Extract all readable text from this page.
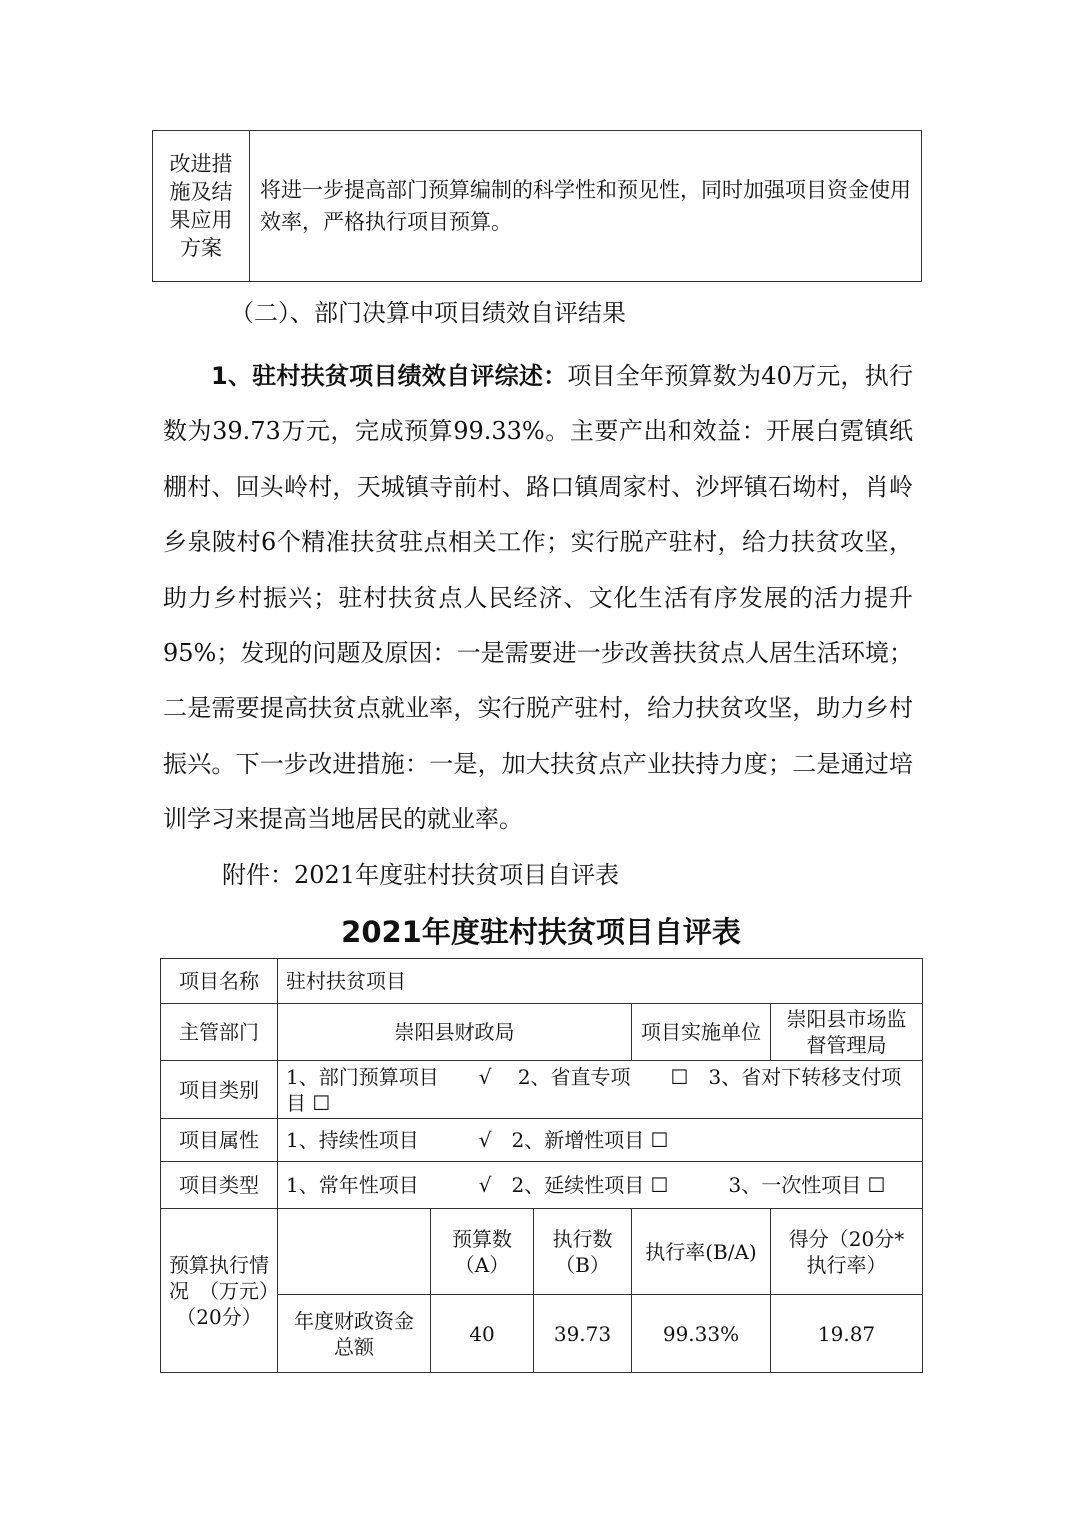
改进措
施及结
果应用
方案
	将进一步提高部门预算编制的科学性和预见性，同时加强项目资金使用效率，严格执行项目预算。
（二）、部门决算中项目绩效自评结果
1、驻村扶贫项目绩效自评综述：项目全年预算数为40万元，执行数为39.73万元，完成预算99.33%。主要产出和效益：开展白霓镇纸棚村、回头岭村，天城镇寺前村、路口镇周家村、沙坪镇石坳村，肖岭乡泉陂村6个精准扶贫驻点相关工作；实行脱产驻村，给力扶贫攻坚，助力乡村振兴；驻村扶贫点人民经济、文化生活有序发展的活力提升95%；发现的问题及原因：一是需要进一步改善扶贫点人居生活环境；二是需要提高扶贫点就业率，实行脱产驻村，给力扶贫攻坚，助力乡村振兴。下一步改进措施：一是，加大扶贫点产业扶持力度；二是通过培训学习来提高当地居民的就业率。
附件：2021年度驻村扶贫项目自评表
2021年度驻村扶贫项目自评表
项目名称	驻村扶贫项目				
主管部门	崇阳县财政局			项目实施单位	崇阳县市场监督管理局
项目类别	1、部门预算项目　　√　 2、省直专项　　☐　3、省对下转移支付项目 ☐				
项目属性	1、持续性项目　　　√　2、新增性项目 ☐				
项目类型	1、常年性项目　　　√　2、延续性项目 ☐　　　3、一次性项目 ☐				
预算执行情况　（万元）　（20分）		预算数（A）	执行数（B）	执行率(B/A)	得分（20分*执行率）
	年度财政资金总额	40	39.73	99.33%	19.87
